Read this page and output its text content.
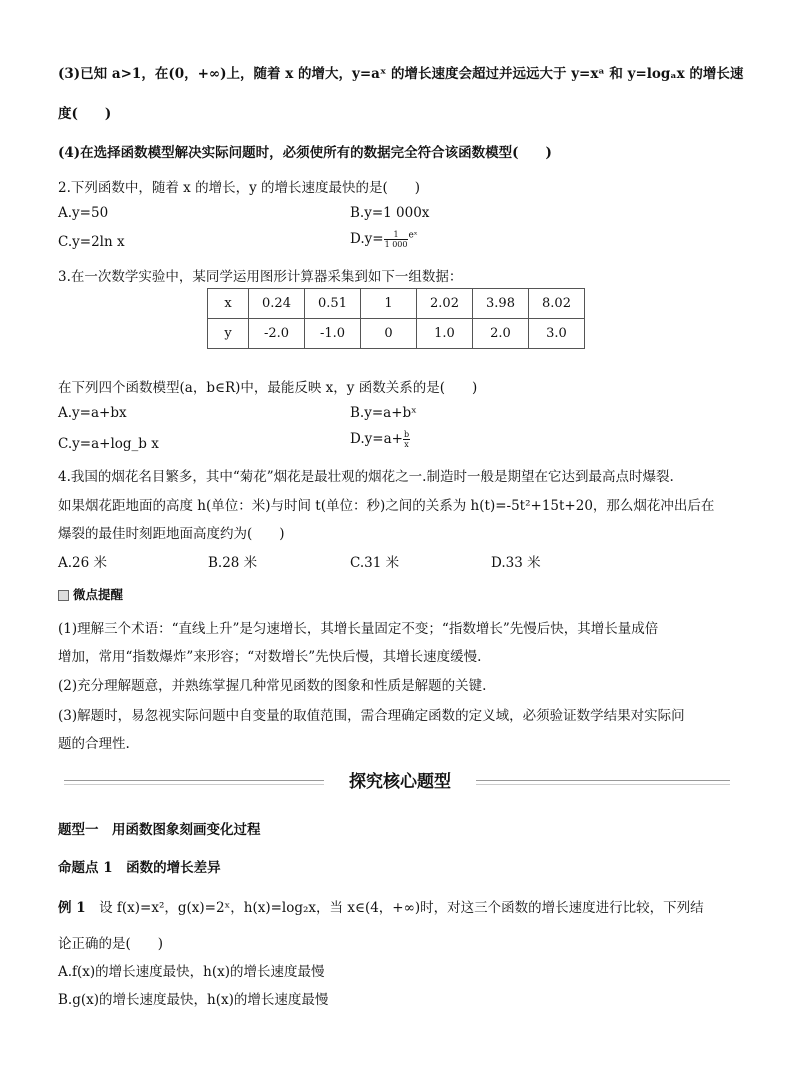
(3)已知 a>1，在(0，+∞)上，随着 x 的增大，y=aˣ 的增长速度会超过并远远大于 y=xᵃ 和 y=logₐx 的增长速
度(　　)
(4)在选择函数模型解决实际问题时，必须使所有的数据完全符合该函数模型(　　)
2.下列函数中，随着 x 的增长，y 的增长速度最快的是(　　)
A.y=50	B.y=1 000x
C.y=2ln x	$D.y= \frac{1}{1 000} ^{eˣ}$
3.在一次数学实验中，某同学运用图形计算器采集到如下一组数据：
x	0.24	0.51	1	2.02	3.98	8.02
y	-2.0	-1.0	0	1.0	2.0	3.0
在下列四个函数模型(a，b∈R)中，最能反映 x，y 函数关系的是(　　)
A.y=a+bx	B.y=a+bˣ
C.y=a+log_b x	$D.y=a+ \frac{b}{x}$
4.我国的烟花名目繁多，其中“菊花”烟花是最壮观的烟花之一.制造时一般是期望在它达到最高点时爆裂.
如果烟花距地面的高度 h(单位：米)与时间 t(单位：秒)之间的关系为 h(t)=-5t²+15t+20，那么烟花冲出后在
爆裂的最佳时刻距地面高度约为(　　)
A.26 米	B.28 米	C.31 米	D.33 米
微点提醒
(1)理解三个术语：“直线上升”是匀速增长，其增长量固定不变；“指数增长”先慢后快，其增长量成倍
增加，常用“指数爆炸”来形容；“对数增长”先快后慢，其增长速度缓慢.
(2)充分理解题意，并熟练掌握几种常见函数的图象和性质是解题的关键.
(3)解题时，易忽视实际问题中自变量的取值范围，需合理确定函数的定义域，必须验证数学结果对实际问
题的合理性.
探究核心题型
题型一　用函数图象刻画变化过程
命题点 1　函数的增长差异
例 1　设 f(x)=x²，g(x)=2ˣ，h(x)=log₂x，当 x∈(4，+∞)时，对这三个函数的增长速度进行比较，下列结
论正确的是(　　)
A.f(x)的增长速度最快，h(x)的增长速度最慢
B.g(x)的增长速度最快，h(x)的增长速度最慢
